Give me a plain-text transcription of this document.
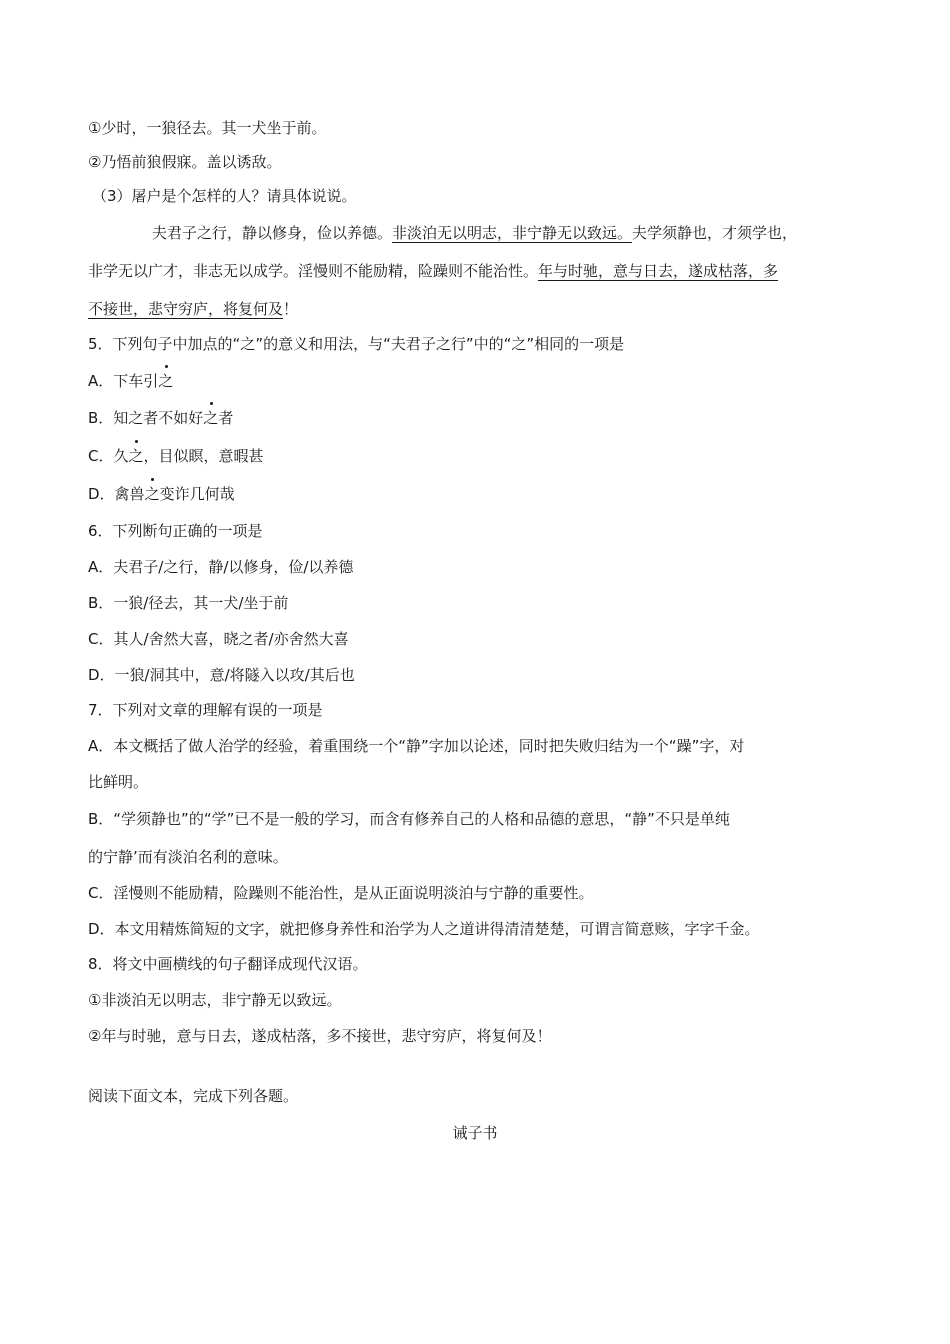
①少时，一狼径去。其一犬坐于前。
②乃悟前狼假寐。盖以诱敌。
（3）屠户是个怎样的人？请具体说说。
夫君子之行，静以修身，俭以养德。非淡泊无以明志，非宁静无以致远。夫学须静也，才须学也，
非学无以广才，非志无以成学。淫慢则不能励精，险躁则不能治性。年与时驰，意与日去，遂成枯落，多
不接世，悲守穷庐，将复何及！
5．下列句子中加点的“之”的意义和用法，与“夫君子之行”中的“之”相同的一项是
A．下车引之
B．知之者不如好之者
C．久之，目似瞑，意暇甚
D．禽兽之变诈几何哉
6．下列断句正确的一项是
A．夫君子/之行，静/以修身，俭/以养德
B．一狼/径去，其一犬/坐于前
C．其人/舍然大喜，晓之者/亦舍然大喜
D．一狼/洞其中，意/将隧入以攻/其后也
7．下列对文章的理解有误的一项是
A．本文概括了做人治学的经验，着重围绕一个“静”字加以论述，同时把失败归结为一个“躁”字，对
比鲜明。
B．“学须静也”的“学”已不是一般的学习，而含有修养自己的人格和品德的意思，“静”不只是单纯
的宁静’而有淡泊名利的意味。
C．淫慢则不能励精，险躁则不能治性，是从正面说明淡泊与宁静的重要性。
D．本文用精炼简短的文字，就把修身养性和治学为人之道讲得清清楚楚，可谓言简意赅，字字千金。
8．将文中画横线的句子翻译成现代汉语。
①非淡泊无以明志，非宁静无以致远。
②年与时驰，意与日去，遂成枯落，多不接世，悲守穷庐，将复何及！
阅读下面文本，完成下列各题。
诫子书
